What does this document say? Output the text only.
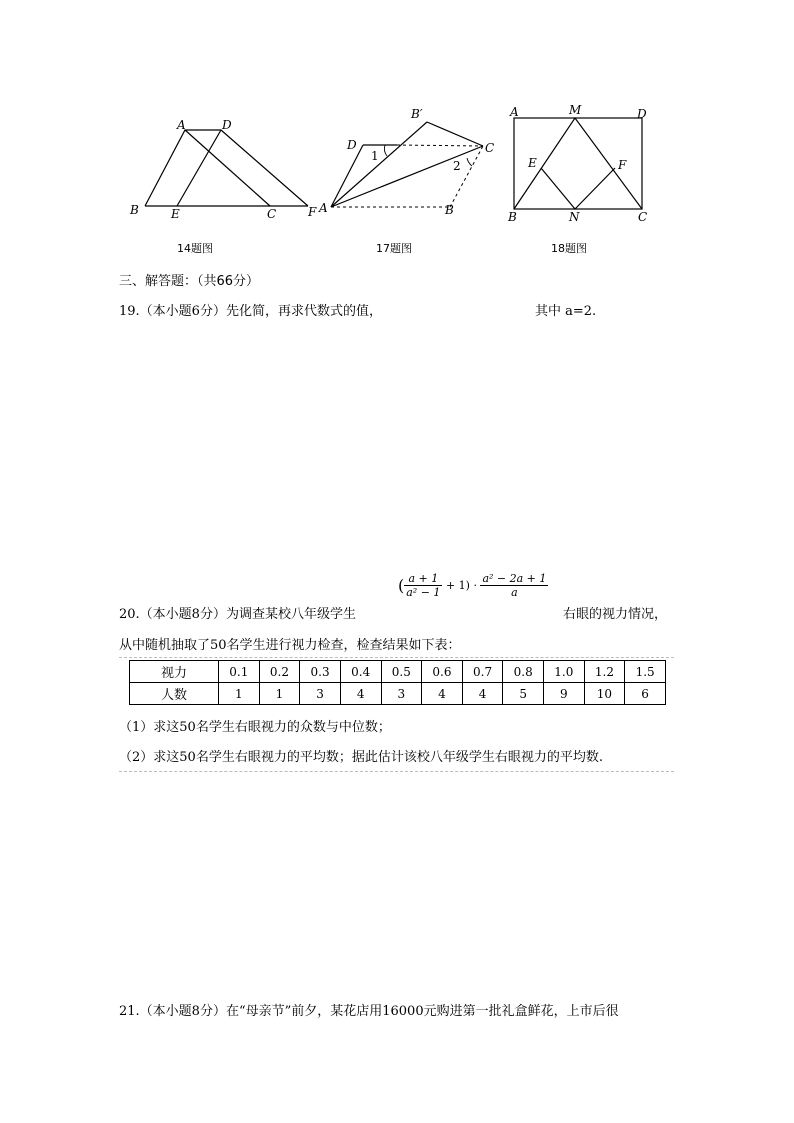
A	D
B	E	C	F
14题图
B′
D	C
A	B
1
2
17题图
A	M	D
E	F
B	N	C
18题图
三、解答题：（共66分）
19.（本小题6分）先化简，再求代数式的值，	其中 a=2.
( $\frac{a + 1}{\text{a² − 1}} + 1) \cdot \frac{\text{a² − 2a + 1}}{a}$
20.（本小题8分）为调查某校八年级学生	右眼的视力情况，
从中随机抽取了50名学生进行视力检查，检查结果如下表：
视力	0.1	0.2	0.3	0.4	0.5	0.6	0.7	0.8	1.0	1.2	1.5
人数	1	1	3	4	3	4	4	5	9	10	6
（1）求这50名学生右眼视力的众数与中位数；
（2）求这50名学生右眼视力的平均数；据此估计该校八年级学生右眼视力的平均数.
21.（本小题8分）在“母亲节”前夕，某花店用16000元购进第一批礼盒鲜花，上市后很
